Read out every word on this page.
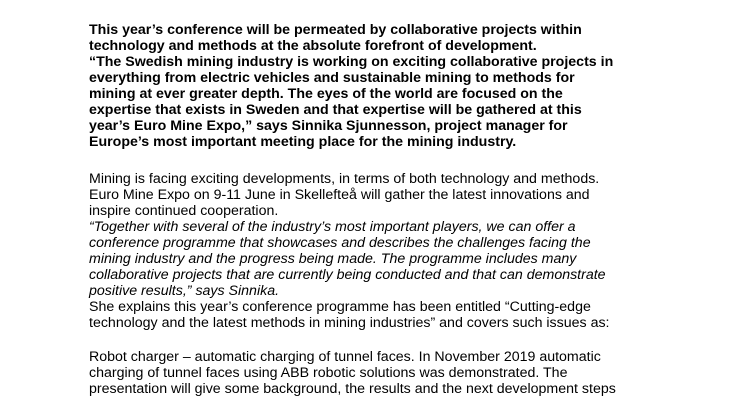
This year’s conference will be permeated by collaborative projects within
technology and methods at the absolute forefront of development.
“The Swedish mining industry is working on exciting collaborative projects in
everything from electric vehicles and sustainable mining to methods for
mining at ever greater depth. The eyes of the world are focused on the
expertise that exists in Sweden and that expertise will be gathered at this
year’s Euro Mine Expo,” says Sinnika Sjunnesson, project manager for
Europe’s most important meeting place for the mining industry.
Mining is facing exciting developments, in terms of both technology and methods.
Euro Mine Expo on 9-11 June in Skellefteå will gather the latest innovations and
inspire continued cooperation.
“Together with several of the industry’s most important players, we can offer a
conference programme that showcases and describes the challenges facing the
mining industry and the progress being made. The programme includes many
collaborative projects that are currently being conducted and that can demonstrate
positive results,” says Sinnika.
She explains this year’s conference programme has been entitled “Cutting-edge
technology and the latest methods in mining industries” and covers such issues as:
Robot charger – automatic charging of tunnel faces. In November 2019 automatic
charging of tunnel faces using ABB robotic solutions was demonstrated. The
presentation will give some background, the results and the next development steps
